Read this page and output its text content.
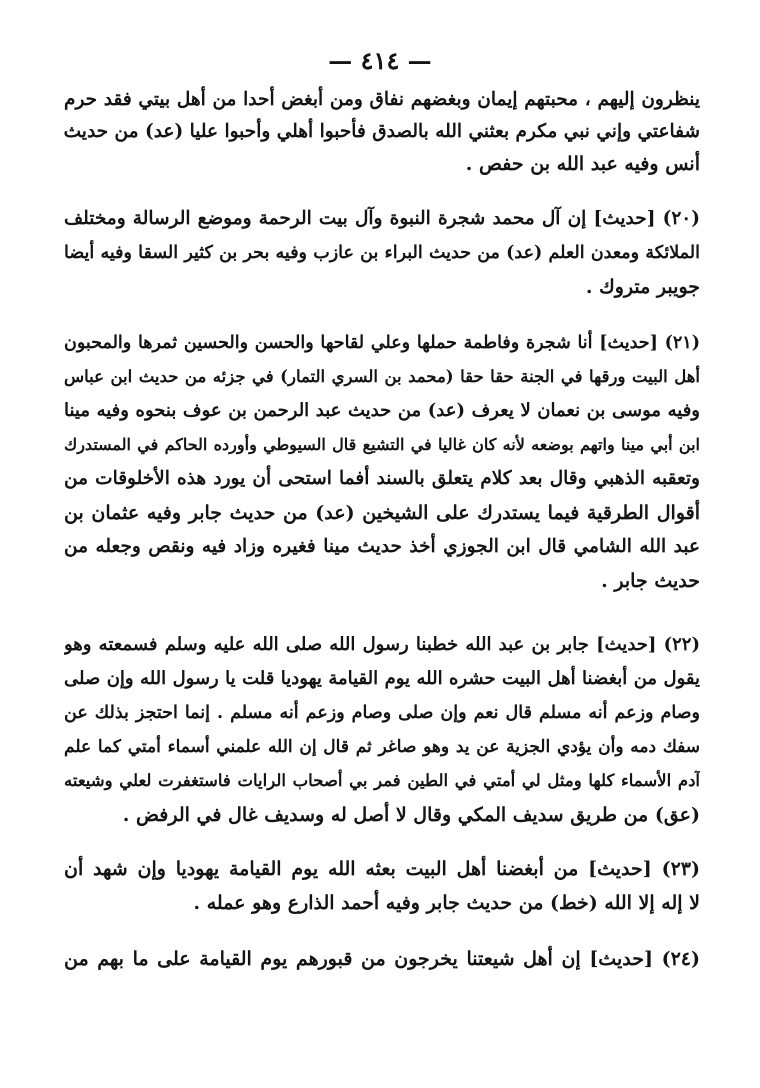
— ٤١٤ —
ينظرون إليهم ، محبتهم إيمان وبغضهم نفاق ومن أبغض أحدا من أهل بيتي فقد حرم
شفاعتي وإني نبي مكرم بعثني الله بالصدق فأحبوا أهلي وأحبوا عليا (عد) من حديث
أنس وفيه عبد الله بن حفص .
(٢٠) [حديث] إن آل محمد شجرة النبوة وآل بيت الرحمة وموضع الرسالة ومختلف
الملائكة ومعدن العلم (عد) من حديث البراء بن عازب وفيه بحر بن كثير السقا وفيه أيضا
جويبر متروك .
(٢١) [حديث] أنا شجرة وفاطمة حملها وعلي لقاحها والحسن والحسين ثمرها والمحبون
أهل البيت ورقها في الجنة حقا حقا (محمد بن السري التمار) في جزئه من حديث ابن عباس
وفيه موسى بن نعمان لا يعرف (عد) من حديث عبد الرحمن بن عوف بنحوه وفيه مينا
ابن أبي مينا واتهم بوضعه لأنه كان غاليا في التشيع قال السيوطي وأورده الحاكم في المستدرك
وتعقبه الذهبي وقال بعد كلام يتعلق بالسند أفما استحى أن يورد هذه الأخلوقات من
أقوال الطرقية فيما يستدرك على الشيخين (عد) من حديث جابر وفيه عثمان بن
عبد الله الشامي قال ابن الجوزي أخذ حديث مينا فغيره وزاد فيه ونقص وجعله من
حديث جابر .
(٢٢) [حديث] جابر بن عبد الله خطبنا رسول الله صلى الله عليه وسلم فسمعته وهو
يقول من أبغضنا أهل البيت حشره الله يوم القيامة يهوديا قلت يا رسول الله وإن صلى
وصام وزعم أنه مسلم قال نعم وإن صلى وصام وزعم أنه مسلم . إنما احتجز بذلك عن
سفك دمه وأن يؤدي الجزية عن يد وهو صاغر ثم قال إن الله علمني أسماء أمتي كما علم
آدم الأسماء كلها ومثل لي أمتي في الطين فمر بي أصحاب الرايات فاستغفرت لعلي وشيعته
(عق) من طريق سديف المكي وقال لا أصل له وسديف غال في الرفض .
(٢٣) [حديث] من أبغضنا أهل البيت بعثه الله يوم القيامة يهوديا وإن شهد أن
لا إله إلا الله (خط) من حديث جابر وفيه أحمد الذارع وهو عمله .
(٢٤) [حديث] إن أهل شيعتنا يخرجون من قبورهم يوم القيامة على ما بهم من
